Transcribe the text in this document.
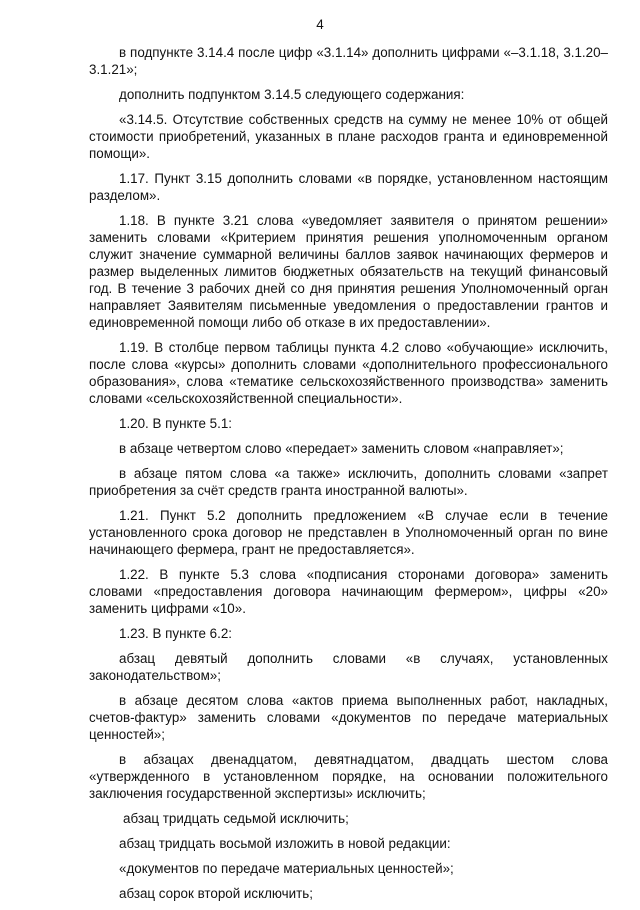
4

в подпункте 3.14.4 после цифр «3.1.14» дополнить цифрами «–3.1.18, 3.1.20–3.1.21»;

дополнить подпунктом 3.14.5 следующего содержания:

«3.14.5. Отсутствие собственных средств на сумму не менее 10% от общей стоимости приобретений, указанных в плане расходов гранта и единовременной помощи».

1.17. Пункт 3.15 дополнить словами «в порядке, установленном настоящим разделом».

1.18. В пункте 3.21 слова «уведомляет заявителя о принятом решении» заменить словами «Критерием принятия решения уполномоченным органом служит значение суммарной величины баллов заявок начинающих фермеров и размер выделенных лимитов бюджетных обязательств на текущий финансовый год. В течение 3 рабочих дней со дня принятия решения Уполномоченный орган направляет Заявителям письменные уведомления о предоставлении грантов и единовременной помощи либо об отказе в их предоставлении».

1.19. В столбце первом таблицы пункта 4.2 слово «обучающие» исключить, после слова «курсы» дополнить словами «дополнительного профессионального образования», слова «тематике сельскохозяйственного производства» заменить словами «сельскохозяйственной специальности».

1.20. В пункте 5.1:

в абзаце четвертом слово «передает» заменить словом «направляет»;

в абзаце пятом слова «а также» исключить, дополнить словами «запрет приобретения за счёт средств гранта иностранной валюты».

1.21. Пункт 5.2 дополнить предложением «В случае если в течение установленного срока договор не представлен в Уполномоченный орган по вине начинающего фермера, грант не предоставляется».

1.22. В пункте 5.3 слова «подписания сторонами договора» заменить словами «предоставления договора начинающим фермером», цифры «20» заменить цифрами «10».

1.23. В пункте 6.2:

абзац девятый дополнить словами «в случаях, установленных законодательством»;

в абзаце десятом слова «актов приема выполненных работ, накладных, счетов-фактур» заменить словами «документов по передаче материальных ценностей»;

в абзацах двенадцатом, девятнадцатом, двадцать шестом слова «утвержденного в установленном порядке, на основании положительного заключения государственной экспертизы» исключить;

абзац тридцать седьмой исключить;

абзац тридцать восьмой изложить в новой редакции:

«документов по передаче материальных ценностей»;

абзац сорок второй исключить;
